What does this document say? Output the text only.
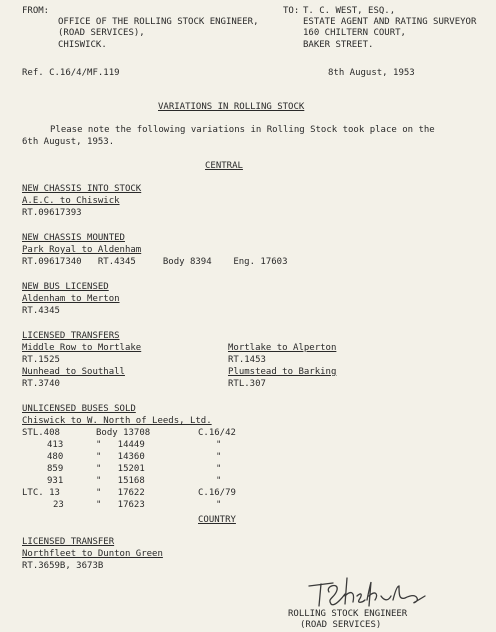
FROM:
OFFICE OF THE ROLLING STOCK ENGINEER,
(ROAD SERVICES),
CHISWICK.
TO: T. C. WEST, ESQ.,
ESTATE AGENT AND RATING SURVEYOR
160 CHILTERN COURT,
BAKER STREET.
Ref. C.16/4/MF.119	8th August, 1953
VARIATIONS IN ROLLING STOCK
Please note the following variations in Rolling Stock took place on the
6th August, 1953.
CENTRAL
NEW CHASSIS INTO STOCK
A.E.C. to Chiswick
RT.09617393
NEW CHASSIS MOUNTED
Park Royal to Aldenham
RT.09617340   RT.4345     Body 8394    Eng. 17603
NEW BUS LICENSED
Aldenham to Merton
RT.4345
LICENSED TRANSFERS
Middle Row to Mortlake
RT.1525
Nunhead to Southall
RT.3740
Mortlake to Alperton
RT.1453
Plumstead to Barking
RTL.307
UNLICENSED BUSES SOLD
Chiswick to W. North of Leeds, Ltd.
STL.408	Body 13708	C.16/42
413	"   14449	"
480	"   14360	"
859	"   15201	"
931	"   15168	"
LTC. 13	"   17622	C.16/79
23	"   17623	"
COUNTRY
LICENSED TRANSFER
Northfleet to Dunton Green
RT.3659B, 3673B
ROLLING STOCK ENGINEER
(ROAD SERVICES)
